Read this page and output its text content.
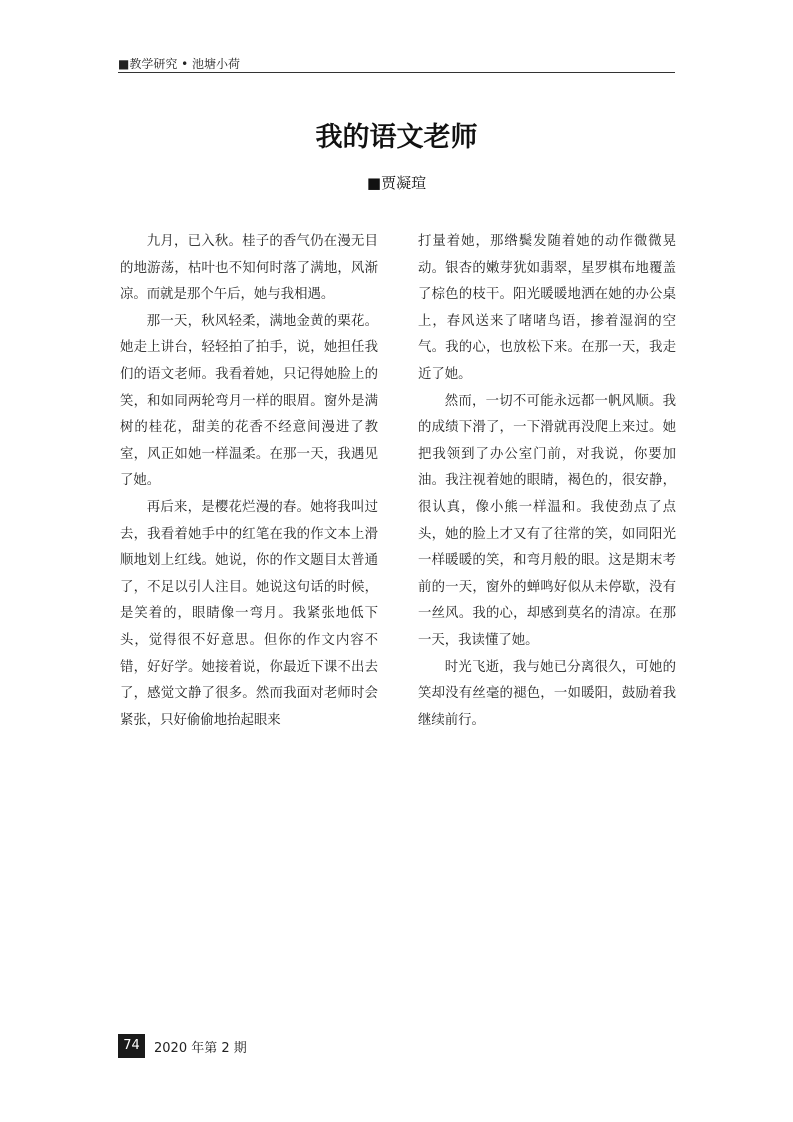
■教学研究 • 池塘小荷
我的语文老师
■贾凝瑄

九月，已入秋。桂子的香气仍在漫无目的地游荡，枯叶也不知何时落了满地，风渐凉。而就是那个午后，她与我相遇。

那一天，秋风轻柔，满地金黄的栗花。她走上讲台，轻轻拍了拍手，说，她担任我们的语文老师。我看着她，只记得她脸上的笑，和如同两轮弯月一样的眼眉。窗外是满树的桂花，甜美的花香不经意间漫进了教室，风正如她一样温柔。在那一天，我遇见了她。

再后来，是樱花烂漫的春。她将我叫过去，我看着她手中的红笔在我的作文本上滑顺地划上红线。她说，你的作文题目太普通了，不足以引人注目。她说这句话的时候，是笑着的，眼睛像一弯月。我紧张地低下头，觉得很不好意思。但你的作文内容不错，好好学。她接着说，你最近下课不出去了，感觉文静了很多。然而我面对老师时会紧张，只好偷偷地抬起眼来

打量着她，那绺鬓发随着她的动作微微晃动。银杏的嫩芽犹如翡翠，星罗棋布地覆盖了棕色的枝干。阳光暖暖地洒在她的办公桌上，春风送来了啫啫鸟语，掺着湿润的空气。我的心，也放松下来。在那一天，我走近了她。

然而，一切不可能永远都一帆风顺。我的成绩下滑了，一下滑就再没爬上来过。她把我领到了办公室门前，对我说，你要加油。我注视着她的眼睛，褐色的，很安静，很认真，像小熊一样温和。我使劲点了点头，她的脸上才又有了往常的笑，如同阳光一样暖暖的笑，和弯月般的眼。这是期末考前的一天，窗外的蝉鸣好似从未停歇，没有一丝风。我的心，却感到莫名的清凉。在那一天，我读懂了她。

时光飞逝，我与她已分离很久，可她的笑却没有丝毫的褪色，一如暖阳，鼓励着我继续前行。

74	2020 年第 2 期
